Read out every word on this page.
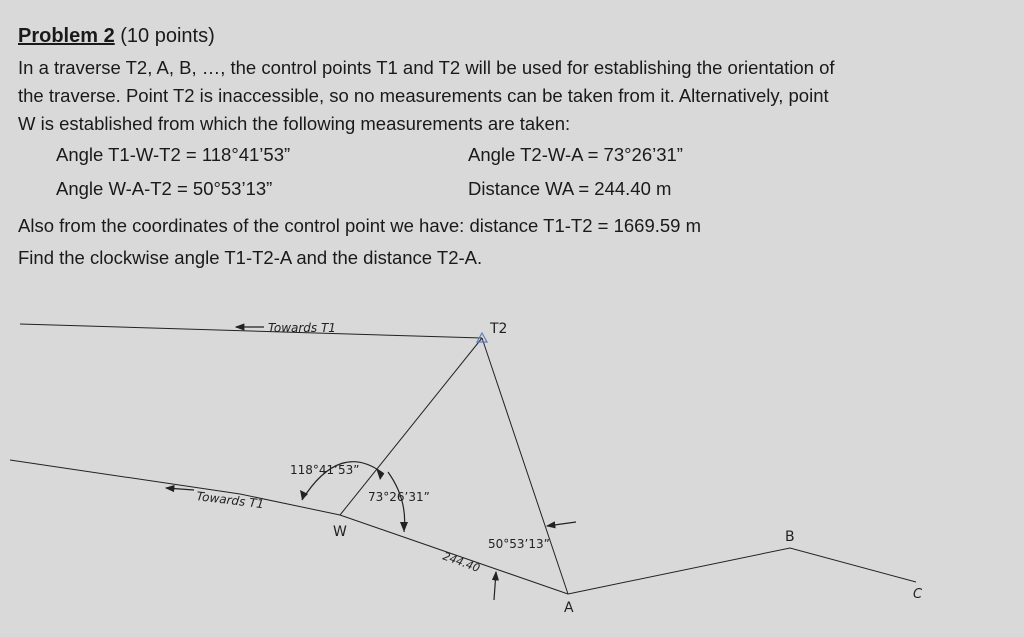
Problem 2 (10 points)

In a traverse T2, A, B, …, the control points T1 and T2 will be used for establishing the orientation of
the traverse. Point T2 is inaccessible, so no measurements can be taken from it. Alternatively, point
W is established from which the following measurements are taken:

Angle T1-W-T2 = 118°41’53”	Angle T2-W-A = 73°26’31”
Angle W-A-T2 = 50°53’13”	Distance WA = 244.40 m

Also from the coordinates of the control point we have: distance T1-T2 = 1669.59 m

Find the clockwise angle T1-T2-A and the distance T2-A.

Towards T1
Towards T1
118°41’53”
73°26’31”
50°53’13”
244.40
T2
W
A
B
C
